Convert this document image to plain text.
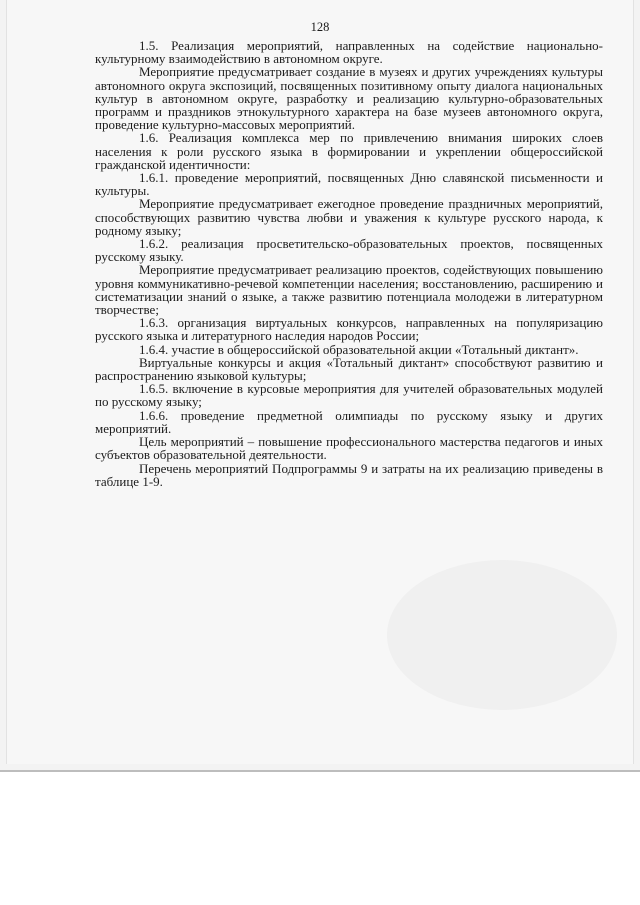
128

1.5. Реализация мероприятий, направленных на содействие национально-культурному взаимодействию в автономном округе.

Мероприятие предусматривает создание в музеях и других учреждениях культуры автономного округа экспозиций, посвященных позитивному опыту диалога национальных культур в автономном округе, разработку и реализацию культурно-образовательных программ и праздников этнокультурного характера на базе музеев автономного округа, проведение культурно-массовых мероприятий.

1.6. Реализация комплекса мер по привлечению внимания широких слоев населения к роли русского языка в формировании и укреплении общероссийской гражданской идентичности:

1.6.1. проведение мероприятий, посвященных Дню славянской письменности и культуры.

Мероприятие предусматривает ежегодное проведение праздничных мероприятий, способствующих развитию чувства любви и уважения к культуре русского народа, к родному языку;

1.6.2. реализация просветительско-образовательных проектов, посвященных русскому языку.

Мероприятие предусматривает реализацию проектов, содействующих повышению уровня коммуникативно-речевой компетенции населения; восстановлению, расширению и систематизации знаний о языке, а также развитию потенциала молодежи в литературном творчестве;

1.6.3. организация виртуальных конкурсов, направленных на популяризацию русского языка и литературного наследия народов России;

1.6.4. участие в общероссийской образовательной акции «Тотальный диктант».

Виртуальные конкурсы и акция «Тотальный диктант» способствуют развитию и распространению языковой культуры;

1.6.5. включение в курсовые мероприятия для учителей образовательных модулей по русскому языку;

1.6.6. проведение предметной олимпиады по русскому языку и других мероприятий.

Цель мероприятий – повышение профессионального мастерства педагогов и иных субъектов образовательной деятельности.

Перечень мероприятий Подпрограммы 9 и затраты на их реализацию приведены в таблице 1-9.
